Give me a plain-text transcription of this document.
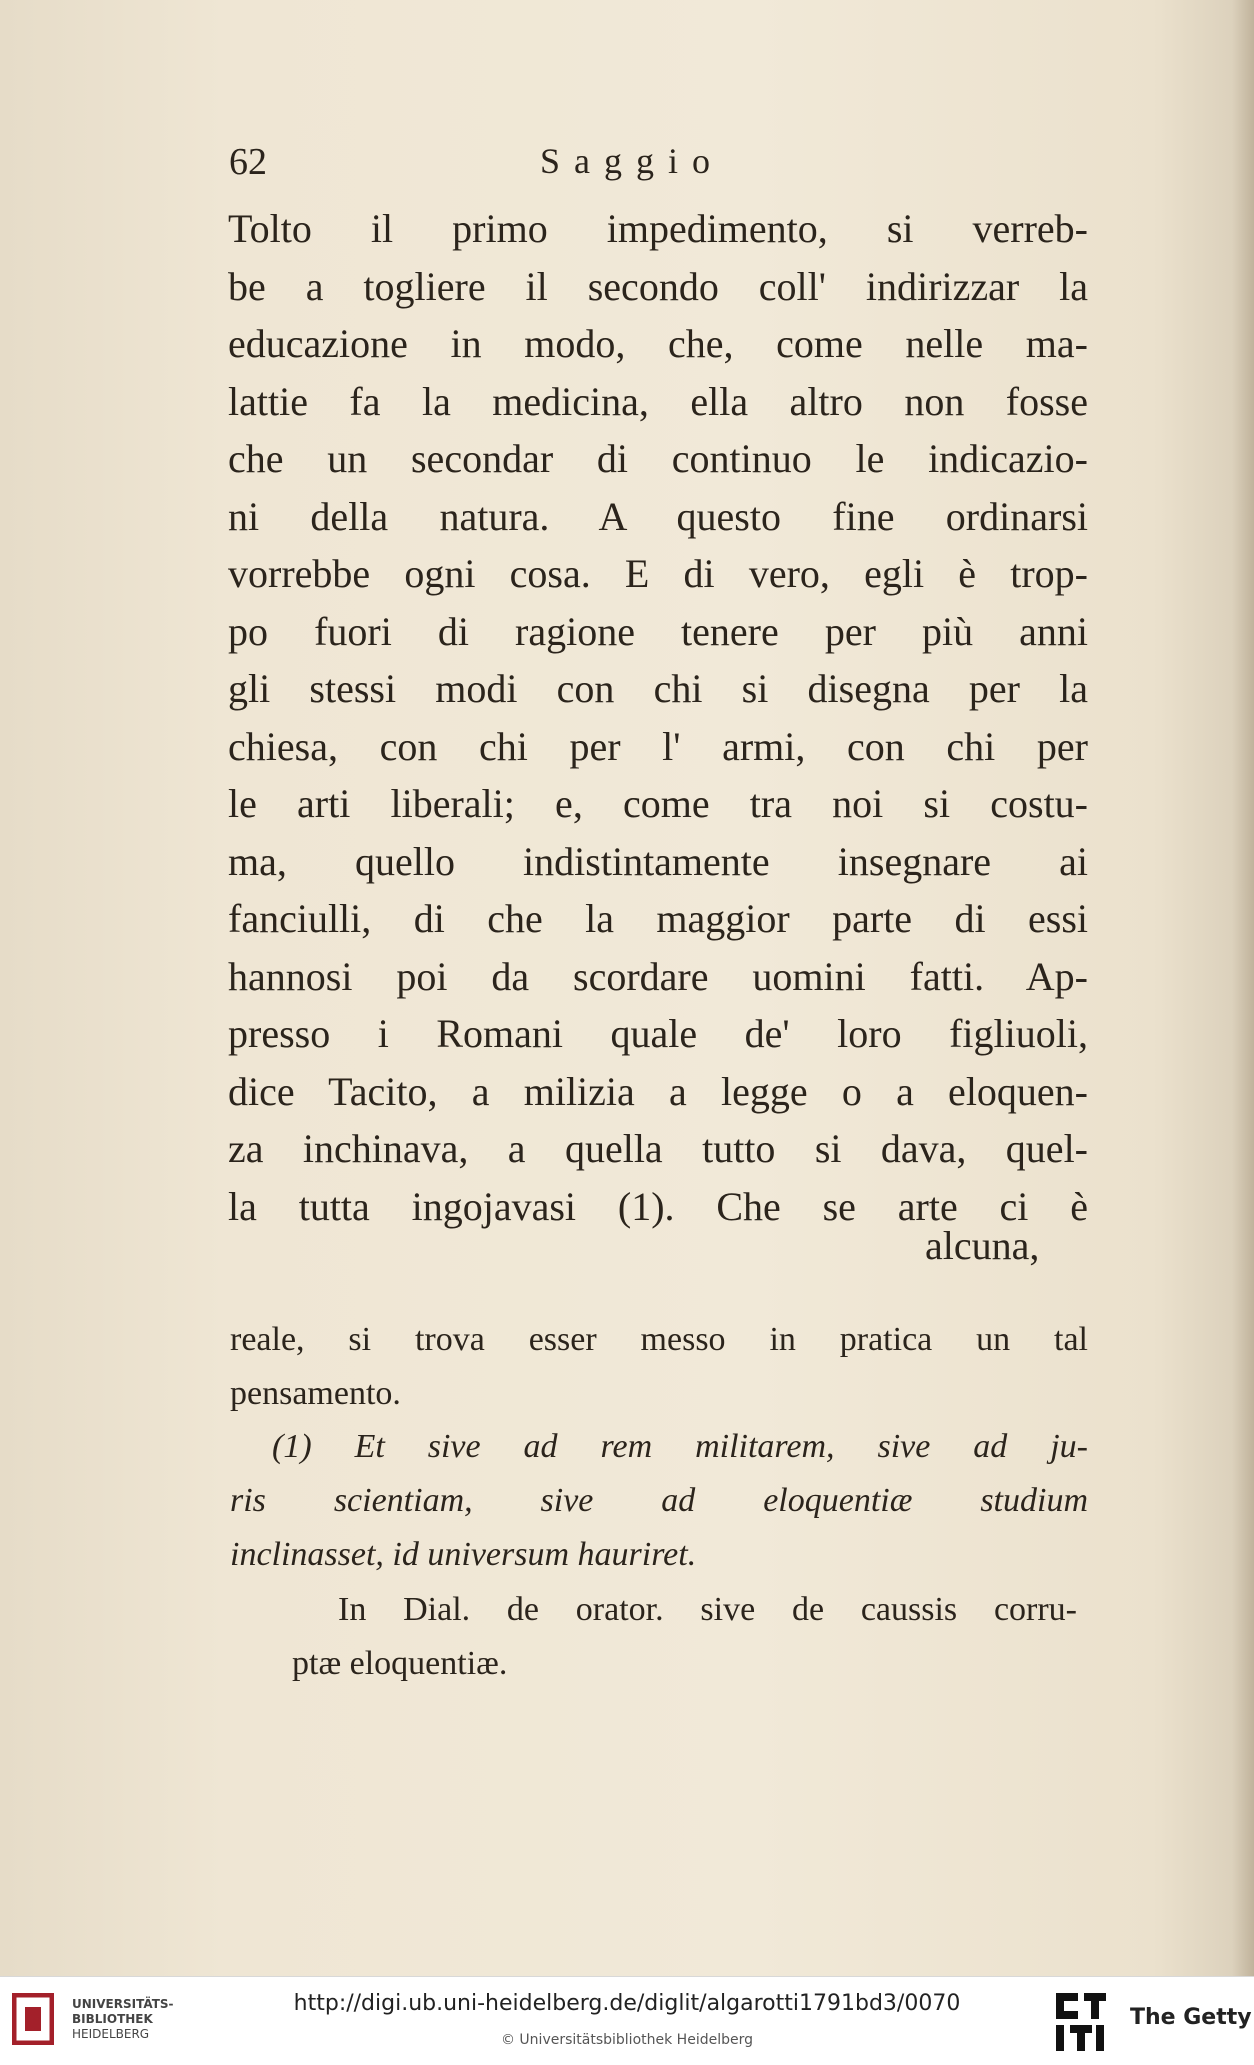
62	Saggio
Tolto il primo impedimento, si verreb-
be a togliere il secondo coll' indirizzar la
educazione in modo, che, come nelle ma-
lattie fa la medicina, ella altro non fosse
che un secondar di continuo le indicazio-
ni della natura. A questo fine ordinarsi
vorrebbe ogni cosa. E di vero, egli è trop-
po fuori di ragione tenere per più anni
gli stessi modi con chi si disegna per la
chiesa, con chi per l' armi, con chi per
le arti liberali; e, come tra noi si costu-
ma, quello indistintamente insegnare ai
fanciulli, di che la maggior parte di essi
hannosi poi da scordare uomini fatti. Ap-
presso i Romani quale de' loro figliuoli,
dice Tacito, a milizia a legge o a eloquen-
za inchinava, a quella tutto si dava, quel-
la tutta ingojavasi (1). Che se arte ci è
alcuna,
reale, si trova esser messo in pratica un tal
pensamento.
(1) Et sive ad rem militarem, sive ad ju-
ris scientiam, sive ad eloquentiæ studium
inclinasset, id universum hauriret.
In Dial. de orator. sive de caussis corru-
ptæ eloquentiæ.
UNIVERSITÄTS-
BIBLIOTHEK
HEIDELBERG
http://digi.ub.uni-heidelberg.de/diglit/algarotti1791bd3/0070
© Universitätsbibliothek Heidelberg
The Getty
